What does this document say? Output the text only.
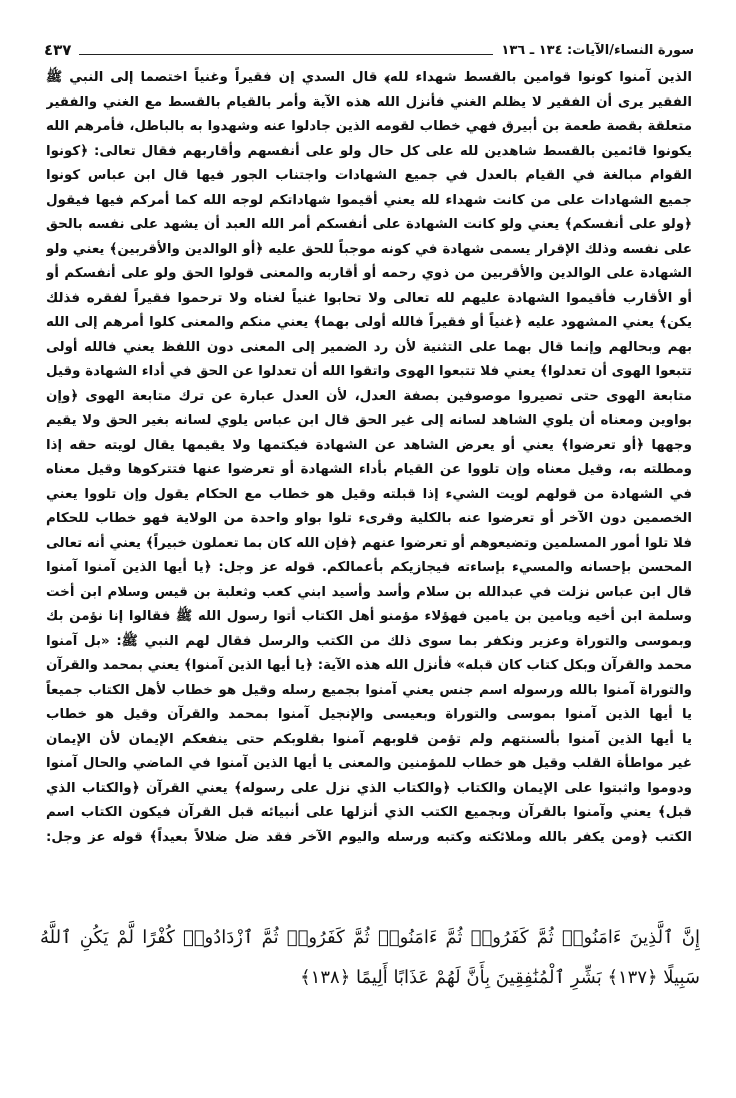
سورة النساء/الآيات: ١٣٤ ـ ١٣٦
٤٣٧
الذين آمنوا كونوا قوامين بالقسط شهداء لله﴾ قال السدي إن فقيراً وغنياً اختصما إلى النبي ﷺ
الفقير يرى أن الفقير لا يظلم الغني فأنزل الله هذه الآية وأمر بالقيام بالقسط مع الغني والفقير
متعلقة بقصة طعمة بن أبيرق فهي خطاب لقومه الذين جادلوا عنه وشهدوا به بالباطل، فأمرهم الله
يكونوا قائمين بالقسط شاهدين لله على كل حال ولو على أنفسهم وأقاربهم فقال تعالى: ﴿كونوا
القوام مبالغة في القيام بالعدل في جميع الشهادات واجتناب الجور فيها قال ابن عباس كونوا
جميع الشهادات على من كانت شهداء لله يعني أقيموا شهاداتكم لوجه الله كما أمركم فيها فيقول
﴿ولو على أنفسكم﴾ يعني ولو كانت الشهادة على أنفسكم أمر الله العبد أن يشهد على نفسه بالحق
على نفسه وذلك الإقرار يسمى شهادة في كونه موجباً للحق عليه ﴿أو الوالدين والأقربين﴾ يعني ولو
الشهادة على الوالدين والأقربين من ذوي رحمه أو أقاربه والمعنى قولوا الحق ولو على أنفسكم أو
أو الأقارب فأقيموا الشهادة عليهم لله تعالى ولا تحابوا غنياً لغناه ولا ترحموا فقيراً لفقره فذلك
يكن﴾ يعني المشهود عليه ﴿غنياً أو فقيراً فالله أولى بهما﴾ يعني منكم والمعنى كلوا أمرهم إلى الله
بهم وبحالهم وإنما قال بهما على التثنية لأن رد الضمير إلى المعنى دون اللفظ يعني فالله أولى
تتبعوا الهوى أن تعدلوا﴾ يعني فلا تتبعوا الهوى واتقوا الله أن تعدلوا عن الحق في أداء الشهادة وقيل
متابعة الهوى حتى تصيروا موصوفين بصفة العدل، لأن العدل عبارة عن ترك متابعة الهوى ﴿وإن
بواوين ومعناه أن يلوي الشاهد لسانه إلى غير الحق قال ابن عباس يلوي لسانه بغير الحق ولا يقيم
وجهها ﴿أو تعرضوا﴾ يعني أو يعرض الشاهد عن الشهادة فيكتمها ولا يقيمها يقال لويته حقه إذا
ومطلته به، وقيل معناه وإن تلووا عن القيام بأداء الشهادة أو تعرضوا عنها فتتركوها وقيل معناه
في الشهادة من قولهم لويت الشيء إذا قبلته وقيل هو خطاب مع الحكام يقول وإن تلووا يعني
الخصمين دون الآخر أو تعرضوا عنه بالكلية وقرىء تلوا بواو واحدة من الولاية فهو خطاب للحكام
فلا تلوا أمور المسلمين وتضيعوهم أو تعرضوا عنهم ﴿فإن الله كان بما تعملون خبيراً﴾ يعني أنه تعالى
المحسن بإحسانه والمسيء بإساءته فيجازيكم بأعمالكم. قوله عز وجل: ﴿يا أيها الذين آمنوا آمنوا
قال ابن عباس نزلت في عبدالله بن سلام وأسد وأسيد ابني كعب وثعلبة بن قيس وسلام ابن أخت
وسلمة ابن أخيه ويامين بن يامين فهؤلاء مؤمنو أهل الكتاب أتوا رسول الله ﷺ فقالوا إنا نؤمن بك
وبموسى والتوراة وعزير ونكفر بما سوى ذلك من الكتب والرسل فقال لهم النبي ﷺ: «بل آمنوا
محمد والقرآن وبكل كتاب كان قبله» فأنزل الله هذه الآية: ﴿يا أيها الذين آمنوا﴾ يعني بمحمد والقرآن
والتوراة آمنوا بالله ورسوله اسم جنس يعني آمنوا بجميع رسله وقيل هو خطاب لأهل الكتاب جميعاً
يا أيها الذين آمنوا بموسى والتوراة وبعيسى والإنجيل آمنوا بمحمد والقرآن وقيل هو خطاب
يا أيها الذين آمنوا بألسنتهم ولم تؤمن قلوبهم آمنوا بقلوبكم حتى ينفعكم الإيمان لأن الإيمان
غير مواطأة القلب وقيل هو خطاب للمؤمنين والمعنى يا أيها الذين آمنوا في الماضي والحال آمنوا
ودوموا واثبتوا على الإيمان والكتاب ﴿والكتاب الذي نزل على رسوله﴾ يعني القرآن ﴿والكتاب الذي
قبل﴾ يعني وآمنوا بالقرآن وبجميع الكتب الذي أنزلها على أنبيائه قبل القرآن فيكون الكتاب اسم
الكتب ﴿ومن يكفر بالله وملائكته وكتبه ورسله واليوم الآخر فقد ضل ضلالاً بعيداً﴾ قوله عز وجل:
إِنَّ ٱلَّذِينَ ءَامَنُوا۟ ثُمَّ كَفَرُوا۟ ثُمَّ ءَامَنُوا۟ ثُمَّ كَفَرُوا۟ ثُمَّ ٱزْدَادُوا۟ كُفْرًا لَّمْ يَكُنِ ٱللَّهُ
سَبِيلًا ﴿١٣٧﴾ بَشِّرِ ٱلْمُنَٰفِقِينَ بِأَنَّ لَهُمْ عَذَابًا أَلِيمًا ﴿١٣٨﴾
